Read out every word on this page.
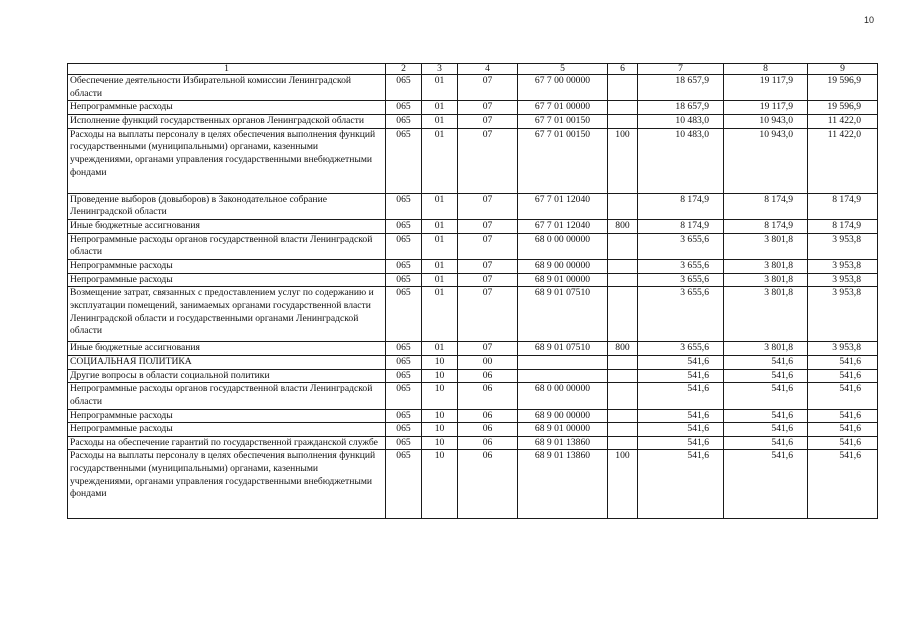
10
1	2	3	4	5	6	7	8	9
Обеспечение деятельности Избирательной комиссии Ленинградской области	065	01	07	67 7 00 00000		18 657,9	19 117,9	19 596,9
Непрограммные расходы	065	01	07	67 7 01 00000		18 657,9	19 117,9	19 596,9
Исполнение функций государственных органов Ленинградской области	065	01	07	67 7 01 00150		10 483,0	10 943,0	11 422,0
Расходы на выплаты персоналу в целях обеспечения выполнения функций государственными (муниципальными) органами, казенными учреждениями, органами управления государственными внебюджетными фондами	065	01	07	67 7 01 00150	100	10 483,0	10 943,0	11 422,0
Проведение выборов (довыборов) в Законодательное собрание Ленинградской области	065	01	07	67 7 01 12040		8 174,9	8 174,9	8 174,9
Иные бюджетные ассигнования	065	01	07	67 7 01 12040	800	8 174,9	8 174,9	8 174,9
Непрограммные расходы органов государственной власти Ленинградской области	065	01	07	68 0 00 00000		3 655,6	3 801,8	3 953,8
Непрограммные расходы	065	01	07	68 9 00 00000		3 655,6	3 801,8	3 953,8
Непрограммные расходы	065	01	07	68 9 01 00000		3 655,6	3 801,8	3 953,8
Возмещение затрат, связанных с предоставлением услуг по содержанию и эксплуатации помещений, занимаемых органами государственной власти Ленинградской области и государственными органами Ленинградской области	065	01	07	68 9 01 07510		3 655,6	3 801,8	3 953,8
Иные бюджетные ассигнования	065	01	07	68 9 01 07510	800	3 655,6	3 801,8	3 953,8
СОЦИАЛЬНАЯ ПОЛИТИКА	065	10	00			541,6	541,6	541,6
Другие вопросы в области социальной политики	065	10	06			541,6	541,6	541,6
Непрограммные расходы органов государственной власти Ленинградской области	065	10	06	68 0 00 00000		541,6	541,6	541,6
Непрограммные расходы	065	10	06	68 9 00 00000		541,6	541,6	541,6
Непрограммные расходы	065	10	06	68 9 01 00000		541,6	541,6	541,6
Расходы на обеспечение гарантий по государственной гражданской службе	065	10	06	68 9 01 13860		541,6	541,6	541,6
Расходы на выплаты персоналу в целях обеспечения выполнения функций государственными (муниципальными) органами, казенными учреждениями, органами управления государственными внебюджетными фондами	065	10	06	68 9 01 13860	100	541,6	541,6	541,6
